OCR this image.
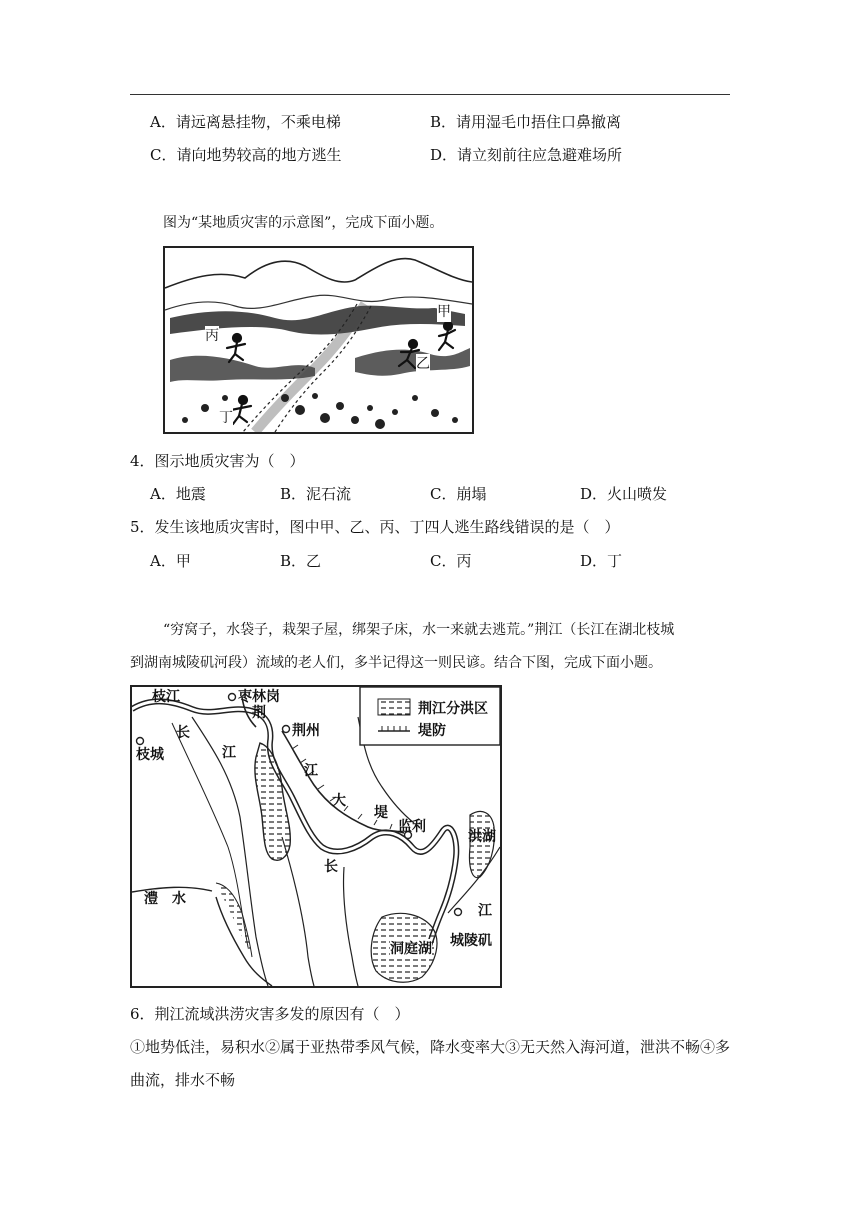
A．请远离悬挂物，不乘电梯	B．请用湿毛巾捂住口鼻撤离
C．请向地势较高的地方逃生	D．请立刻前往应急避难场所
图为“某地质灾害的示意图”，完成下面小题。
甲
乙
丙
丁
4．图示地质灾害为（　）
A．地震	B．泥石流	C．崩塌	D．火山喷发
5．发生该地质灾害时，图中甲、乙、丙、丁四人逃生路线错误的是（　）
A．甲	B．乙	C．丙	D．丁
“穷窝子，水袋子，栽架子屋，绑架子床，水一来就去逃荒。”荆江（长江在湖北枝城
到湖南城陵矶河段）流域的老人们，多半记得这一则民谚。结合下图，完成下面小题。
荆江分洪区
堤防
枝江	枣林岗
荆州
枝城
监利
洪湖
澧　水
洞庭湖 城陵矶
长
江
荆
江
大
堤
长
江
6．荆江流域洪涝灾害多发的原因有（　）
①地势低洼，易积水②属于亚热带季风气候，降水变率大③无天然入海河道，泄洪不畅④多
曲流，排水不畅
